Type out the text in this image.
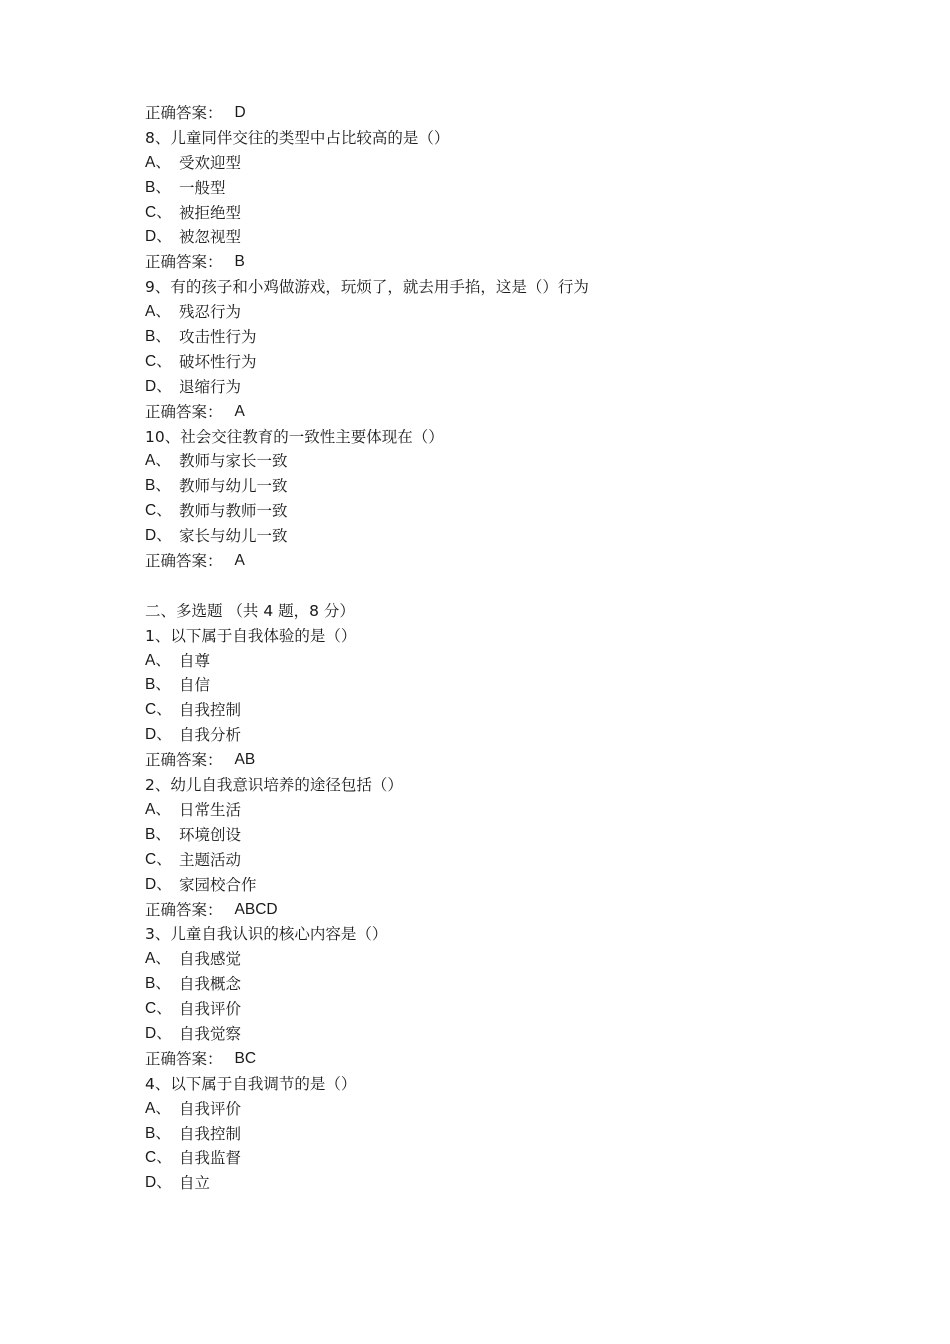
正确答案： D
8、儿童同伴交往的类型中占比较高的是（）
A、 受欢迎型
B、 一般型
C、 被拒绝型
D、 被忽视型
正确答案： B
9、有的孩子和小鸡做游戏，玩烦了，就去用手掐，这是（）行为
A、 残忍行为
B、 攻击性行为
C、 破坏性行为
D、 退缩行为
正确答案： A
10、社会交往教育的一致性主要体现在（）
A、 教师与家长一致
B、 教师与幼儿一致
C、 教师与教师一致
D、 家长与幼儿一致
正确答案： A
二、多选题 （共 4 题，8 分）
1、以下属于自我体验的是（）
A、 自尊
B、 自信
C、 自我控制
D、 自我分析
正确答案： AB
2、幼儿自我意识培养的途径包括（）
A、 日常生活
B、 环境创设
C、 主题活动
D、 家园校合作
正确答案： ABCD
3、儿童自我认识的核心内容是（）
A、 自我感觉
B、 自我概念
C、 自我评价
D、 自我觉察
正确答案： BC
4、以下属于自我调节的是（）
A、 自我评价
B、 自我控制
C、 自我监督
D、 自立
